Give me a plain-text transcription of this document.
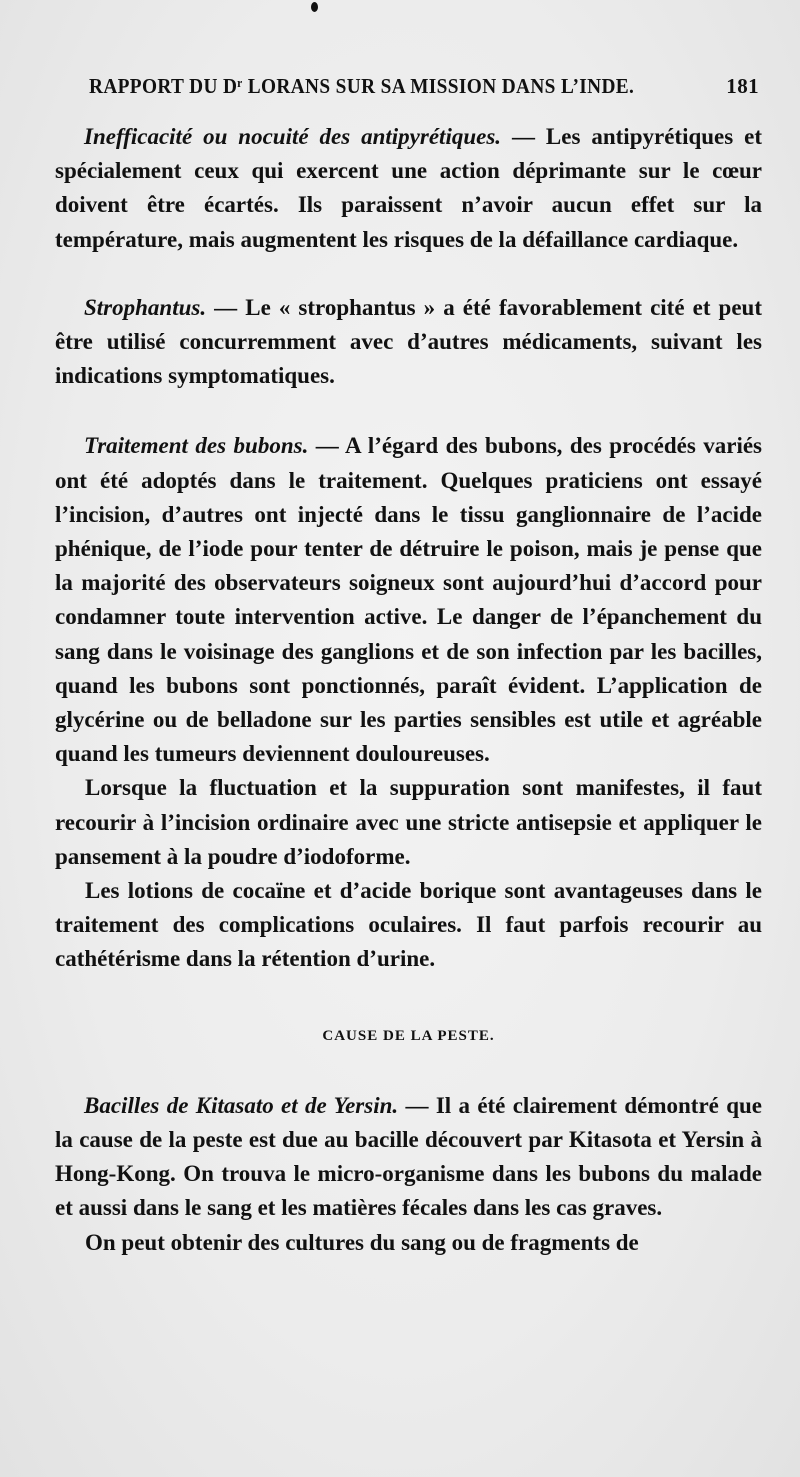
RAPPORT DU Dʳ LORANS SUR SA MISSION DANS L’INDE.	181

Inefficacité ou nocuité des antipyrétiques. — Les antipyrétiques et spécialement ceux qui exercent une action déprimante sur le cœur doivent être écartés. Ils paraissent n’avoir aucun effet sur la température, mais augmentent les risques de la défaillance cardiaque.

Strophantus. — Le « strophantus » a été favorablement cité et peut être utilisé concurremment avec d’autres médicaments, suivant les indications symptomatiques.

Traitement des bubons. — A l’égard des bubons, des procédés variés ont été adoptés dans le traitement. Quelques praticiens ont essayé l’incision, d’autres ont injecté dans le tissu ganglionnaire de l’acide phénique, de l’iode pour tenter de détruire le poison, mais je pense que la majorité des observateurs soigneux sont aujourd’hui d’accord pour condamner toute intervention active. Le danger de l’épanchement du sang dans le voisinage des ganglions et de son infection par les bacilles, quand les bubons sont ponctionnés, paraît évident. L’application de glycérine ou de belladone sur les parties sensibles est utile et agréable quand les tumeurs deviennent douloureuses.

Lorsque la fluctuation et la suppuration sont manifestes, il faut recourir à l’incision ordinaire avec une stricte antisepsie et appliquer le pansement à la poudre d’iodoforme.

Les lotions de cocaïne et d’acide borique sont avantageuses dans le traitement des complications oculaires. Il faut parfois recourir au cathétérisme dans la rétention d’urine.

CAUSE DE LA PESTE.

Bacilles de Kitasato et de Yersin. — Il a été clairement démontré que la cause de la peste est due au bacille découvert par Kitasota et Yersin à Hong-Kong. On trouva le micro-organisme dans les bubons du malade et aussi dans le sang et les matières fécales dans les cas graves.

On peut obtenir des cultures du sang ou de fragments de
